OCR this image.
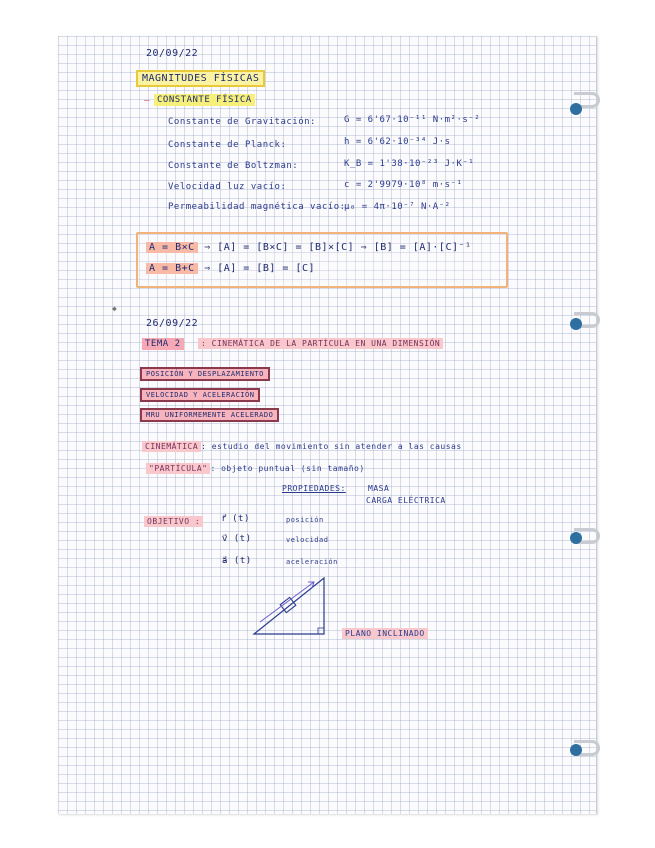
20/09/22
MAGNITUDES FÍSICAS
– CONSTANTE FÍSICA
Constante de Gravitación:	G = 6'67·10⁻¹¹ N·m²·s⁻²
Constante de Planck:	h = 6'62·10⁻³⁴ J·s
Constante de Boltzman:	K_B = 1'38·10⁻²³ J·K⁻¹
Velocidad luz vacío:	c = 2'9979·10⁸ m·s⁻¹
Permeabilidad magnética vacío:
μ₀ = 4π·10⁻⁷ N·A⁻²
A = B×C ⇒ [A] = [B×C] = [B]×[C] ⇒ [B] = [A]·[C]⁻¹
A = B+C ⇒ [A] = [B] = [C]
26/09/22
TEMA 2	: CINEMÁTICA DE LA PARTÍCULA EN UNA DIMENSIÓN
POSICIÓN Y DESPLAZAMIENTO
VELOCIDAD Y ACELERACIÓN
MRU UNIFORMEMENTE ACELERADO
CINEMÁTICA : estudio del movimiento sin atender a las causas
"PARTÍCULA" : objeto puntual (sin tamaño)
PROPIEDADES:	MASA
CARGA ELÉCTRICA
OBJETIVO :	r⃗ (t)	posición
v⃗ (t)	velocidad
a⃗ (t)	aceleración
PLANO INCLINADO
◆
